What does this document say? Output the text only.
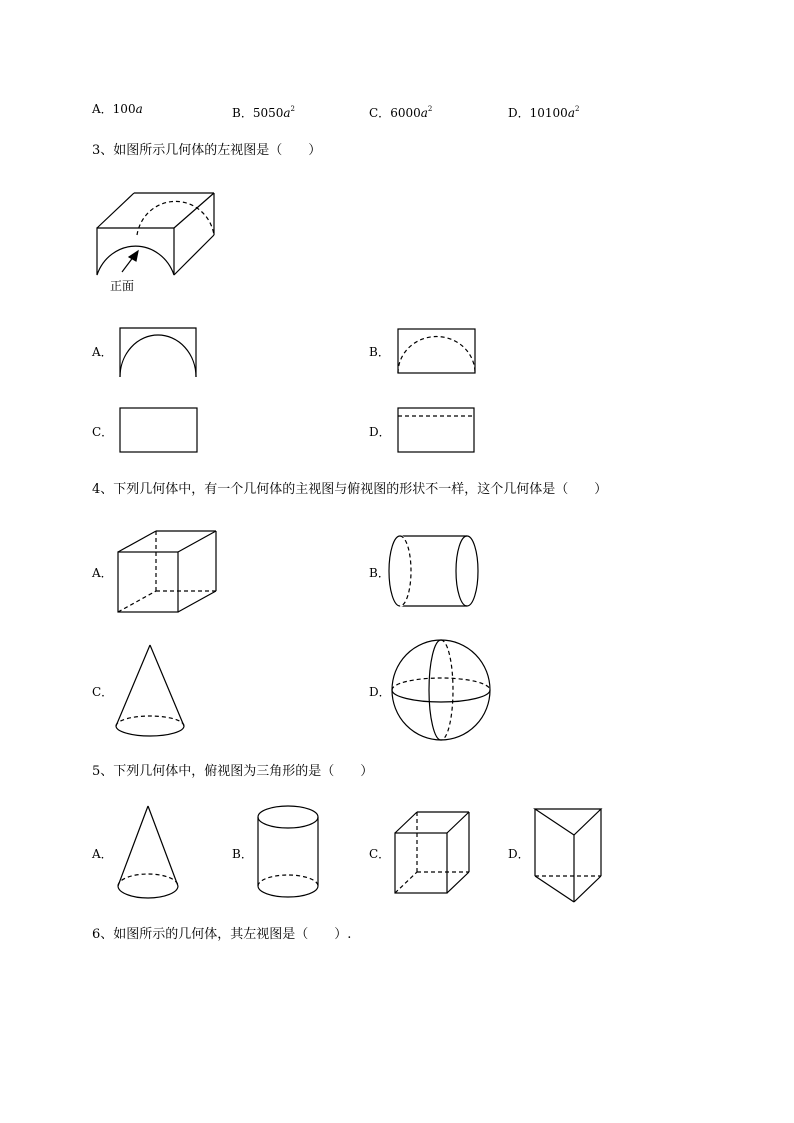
A．100a	B．$5050a^2$	C．$6000a^2$	D．$10100a^2$
3、如图所示几何体的左视图是（　　）
正面
A．	B．
C．	D．
4、下列几何体中，有一个几何体的主视图与俯视图的形状不一样，这个几何体是（　　）
A．	B．
C．	D．
5、下列几何体中，俯视图为三角形的是（　　）
A．	B．	C．	D．
6、如图所示的几何体，其左视图是（　　）.
